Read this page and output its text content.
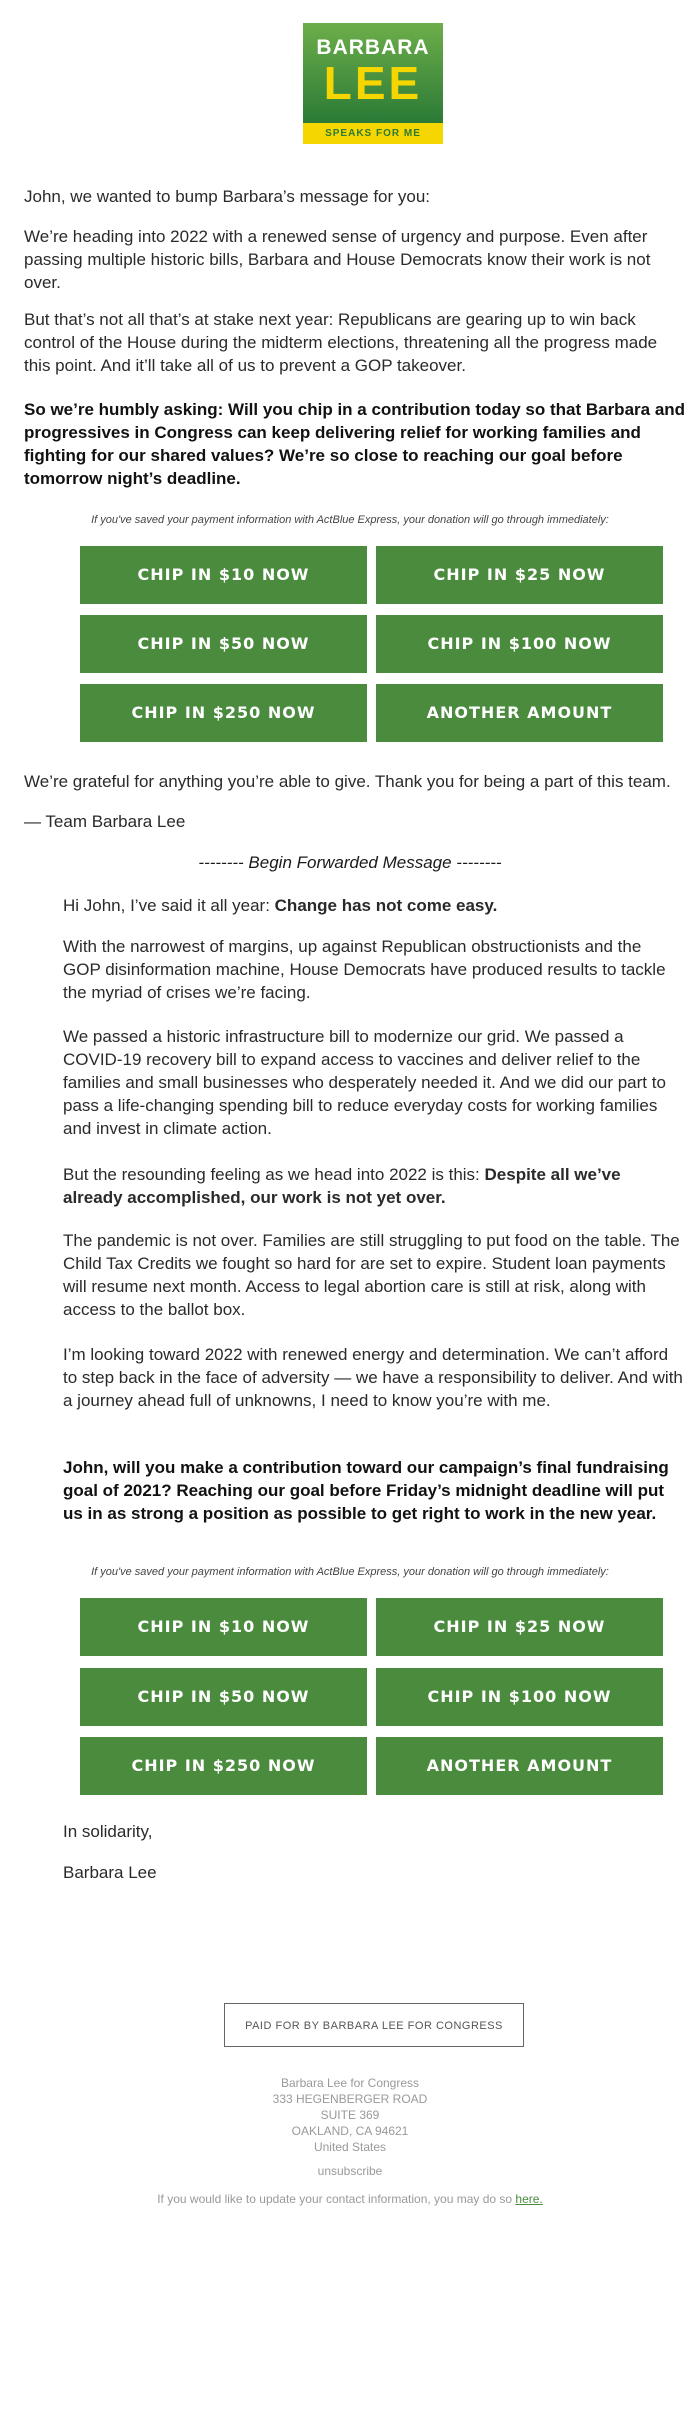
BARBARA
LEE
SPEAKS FOR ME

John, we wanted to bump Barbara’s message for you:

We’re heading into 2022 with a renewed sense of urgency and purpose. Even after passing multiple historic bills, Barbara and House Democrats know their work is not over.

But that’s not all that’s at stake next year: Republicans are gearing up to win back control of the House during the midterm elections, threatening all the progress made this point. And it’ll take all of us to prevent a GOP takeover.

So we’re humbly asking: Will you chip in a contribution today so that Barbara and progressives in Congress can keep delivering relief for working families and fighting for our shared values? We’re so close to reaching our goal before tomorrow night’s deadline.

If you've saved your payment information with ActBlue Express, your donation will go through immediately:
CHIP IN $10 NOW	CHIP IN $25 NOW
CHIP IN $50 NOW	CHIP IN $100 NOW
CHIP IN $250 NOW	ANOTHER AMOUNT

We’re grateful for anything you’re able to give. Thank you for being a part of this team.

— Team Barbara Lee

-------- Begin Forwarded Message --------

Hi John, I’ve said it all year: Change has not come easy.

With the narrowest of margins, up against Republican obstructionists and the GOP disinformation machine, House Democrats have produced results to tackle the myriad of crises we’re facing.

We passed a historic infrastructure bill to modernize our grid. We passed a COVID-19 recovery bill to expand access to vaccines and deliver relief to the families and small businesses who desperately needed it. And we did our part to pass a life-changing spending bill to reduce everyday costs for working families and invest in climate action.

But the resounding feeling as we head into 2022 is this: Despite all we’ve already accomplished, our work is not yet over.

The pandemic is not over. Families are still struggling to put food on the table. The Child Tax Credits we fought so hard for are set to expire. Student loan payments will resume next month. Access to legal abortion care is still at risk, along with access to the ballot box.

I’m looking toward 2022 with renewed energy and determination. We can’t afford to step back in the face of adversity — we have a responsibility to deliver. And with a journey ahead full of unknowns, I need to know you’re with me.

John, will you make a contribution toward our campaign’s final fundraising goal of 2021? Reaching our goal before Friday’s midnight deadline will put us in as strong a position as possible to get right to work in the new year.

If you've saved your payment information with ActBlue Express, your donation will go through immediately:
CHIP IN $10 NOW	CHIP IN $25 NOW
CHIP IN $50 NOW	CHIP IN $100 NOW
CHIP IN $250 NOW	ANOTHER AMOUNT

In solidarity,

Barbara Lee

PAID FOR BY BARBARA LEE FOR CONGRESS
Barbara Lee for Congress
333 HEGENBERGER ROAD
SUITE 369
OAKLAND, CA 94621
United States
unsubscribe
If you would like to update your contact information, you may do so here.
